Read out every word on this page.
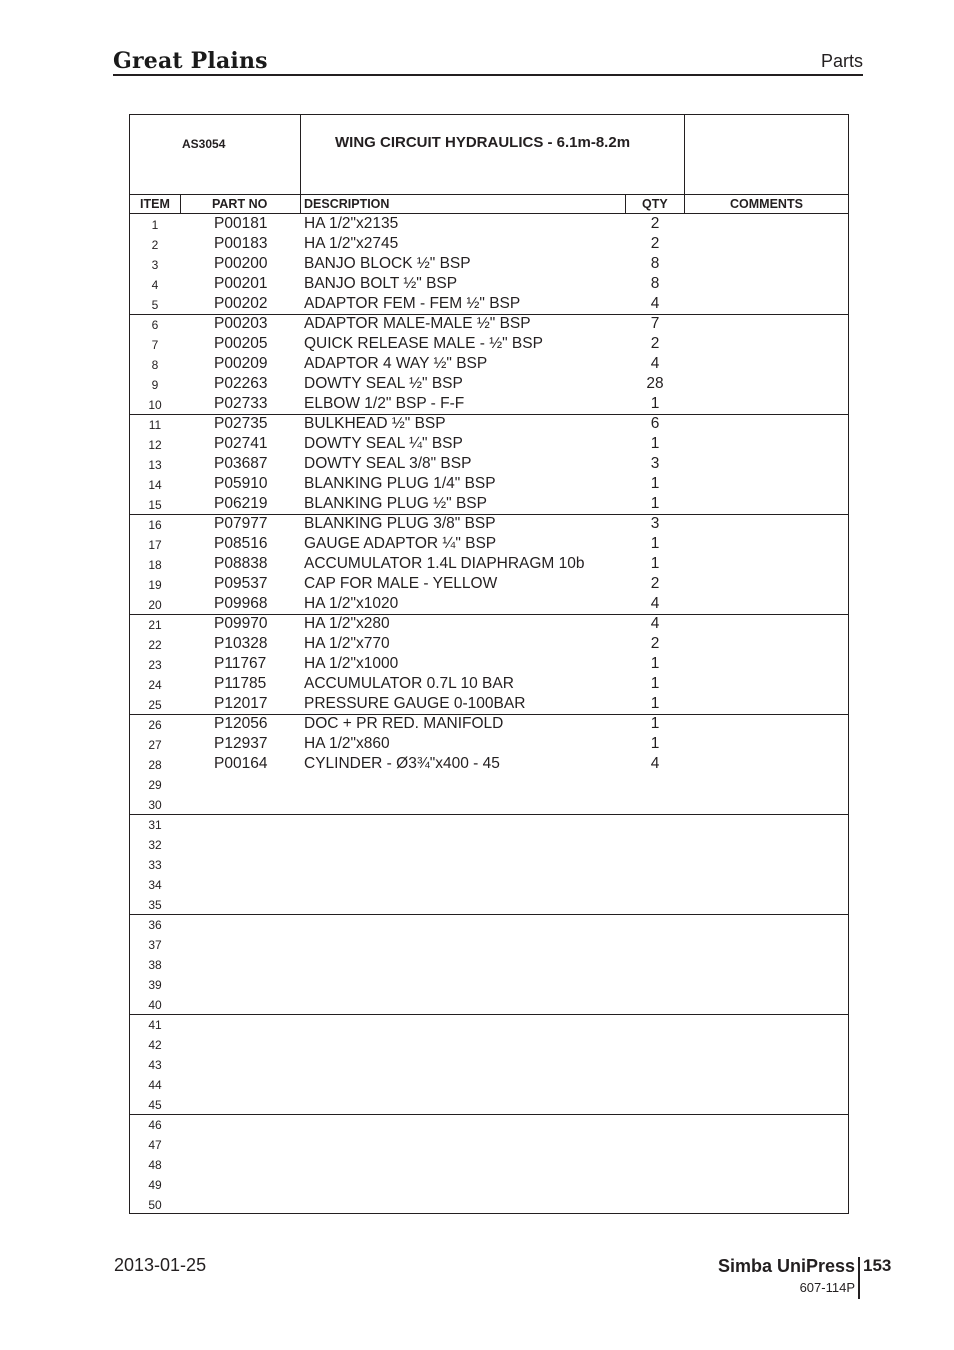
Great Plains	Parts
AS3054	WING CIRCUIT HYDRAULICS - 6.1m-8.2m
ITEM	PART NO	DESCRIPTION	QTY	COMMENTS
1	P00181 HA 1/2"x2135	2
2	P00183 HA 1/2"x2745	2
3	P00200 BANJO BLOCK ½" BSP	8
4	P00201 BANJO BOLT ½" BSP	8
5	P00202 ADAPTOR FEM - FEM ½" BSP	4
6	P00203 ADAPTOR MALE-MALE ½" BSP	7
7	P00205 QUICK RELEASE MALE - ½" BSP	2
8	P00209 ADAPTOR 4 WAY ½" BSP	4
9	P02263 DOWTY SEAL ½" BSP	28
10	P02733 ELBOW 1/2" BSP - F-F	1
11	P02735 BULKHEAD ½" BSP	6
12	P02741 DOWTY SEAL ¼" BSP	1
13	P03687 DOWTY SEAL 3/8" BSP	3
14	P05910 BLANKING PLUG 1/4" BSP	1
15	P06219 BLANKING PLUG ½" BSP	1
16	P07977 BLANKING PLUG 3/8" BSP	3
17	P08516 GAUGE ADAPTOR ¼" BSP	1
18	P08838 ACCUMULATOR 1.4L DIAPHRAGM 10b	1
19	P09537 CAP FOR MALE - YELLOW	2
20	P09968 HA 1/2"x1020	4
21	P09970 HA 1/2"x280	4
22	P10328 HA 1/2"x770	2
23	P11767 HA 1/2"x1000	1
24	P11785 ACCUMULATOR 0.7L 10 BAR	1
25	P12017 PRESSURE GAUGE 0-100BAR	1
26	P12056 DOC + PR RED. MANIFOLD	1
27	P12937 HA 1/2"x860	1
28	P00164 CYLINDER - Ø3¾"x400 - 45	4
29
30
31
32
33
34
35
36
37
38
39
40
41
42
43
44
45
46
47
48
49
50
2013-01-25	Simba UniPress 153
607-114P
